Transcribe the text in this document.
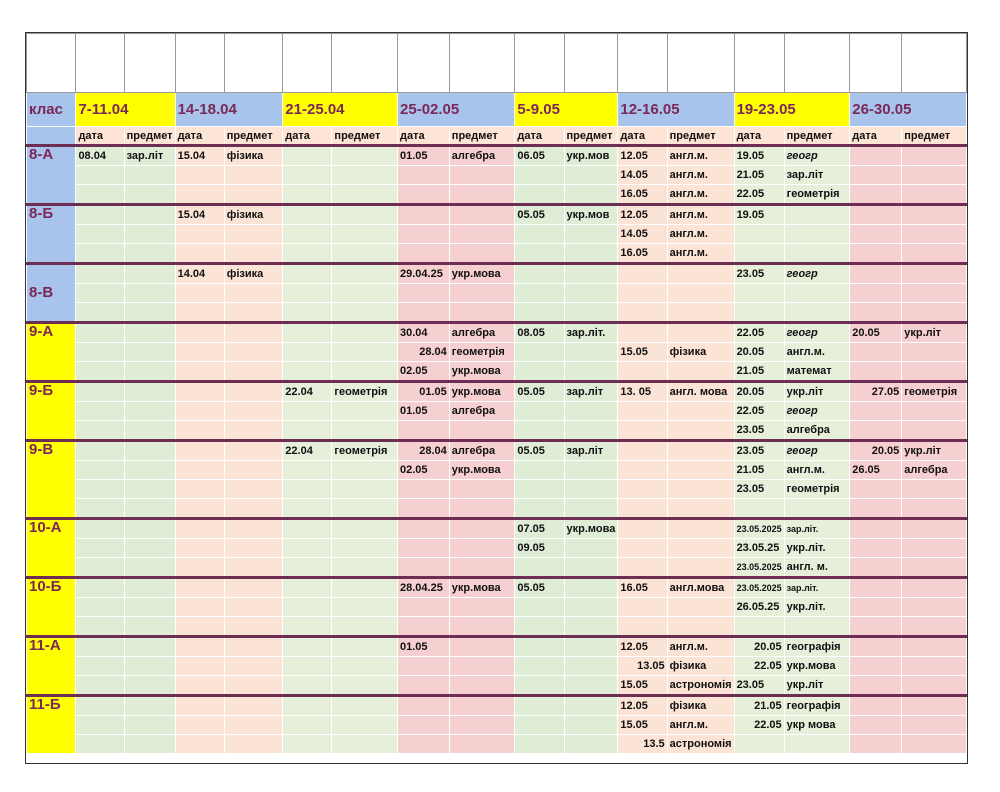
клас	7-11.04		14-18.04		21-25.04		25-02.05		5-9.05		12-16.05		19-23.05		26-30.05	
	дата	предмет	дата	предмет	дата	предмет	дата	предмет	дата	предмет	дата	предмет	дата	предмет	дата	предмет
8-А	08.04	зар.літ	15.04	фізика			01.05	алгебра	06.05	укр.мов	12.05	англ.м.	19.05	геогр		
											14.05	англ.м.	21.05	зар.літ		
											16.05	англ.м.	22.05	геометрія		
8-Б			15.04	фізика					05.05	укр.мов	12.05	англ.м.	19.05			
											14.05	англ.м.				
											16.05	англ.м.				
8-В			14.04	фізика			29.04.25	укр.мова					23.05	геогр		

9-А							30.04	алгебра	08.05	зар.літ.			22.05	геогр	20.05	укр.літ
							28.04	геометрія			15.05	фізика	20.05	англ.м.		
							02.05	укр.мова					21.05	математ		
9-Б					22.04	геометрія	01.05	укр.мова	05.05	зар.літ	13. 05	англ. мова	20.05	укр.літ	27.05	геометрія
							01.05	алгебра					22.05	геогр		
													23.05	алгебра		
9-В					22.04	геометрія	28.04	алгебра	05.05	зар.літ			23.05	геогр	20.05	укр.літ
							02.05	укр.мова					21.05	англ.м.	26.05	алгебра
													23.05	геометрія		

10-А									07.05	укр.мова			23.05.2025	зар.літ.		
									09.05				23.05.25	укр.літ.		
													23.05.2025	англ. м.		
10-Б							28.04.25	укр.мова	05.05		16.05	англ.мова	23.05.2025	зар.літ.		
													26.05.25	укр.літ.		

11-А							01.05				12.05	англ.м.	20.05	географія		
											13.05	фізика	22.05	укр.мова		
											15.05	астрономія	23.05	укр.літ		
11-Б											12.05	фізика	21.05	географія		
											15.05	англ.м.	22.05	укр мова		
											13.5	астрономія				
